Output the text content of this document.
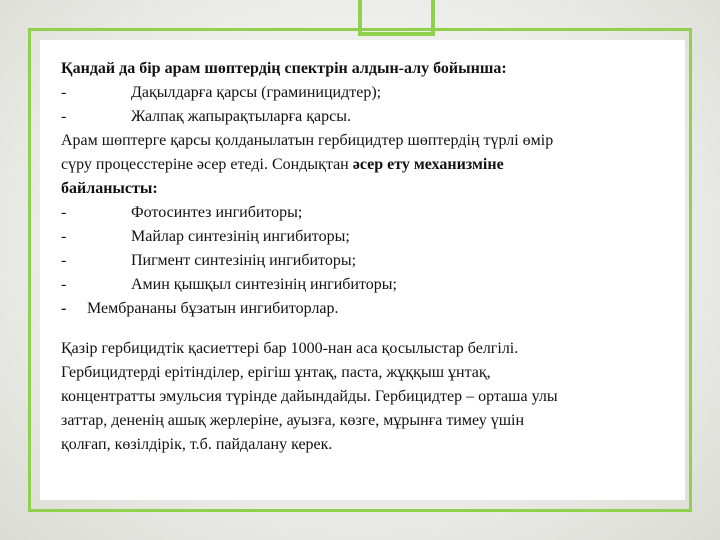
Қандай да бір арам шөптердің спектрін алдын-алу бойынша:
-	Дақылдарға қарсы (граминицидтер);
-	Жалпақ жапырақтыларға қарсы.
Арам шөптерге қарсы қолданылатын гербицидтер шөптердің түрлі өмір
сүру процесстеріне әсер етеді. Сондықтан әсер ету механизміне
байланысты:
-	Фотосинтез ингибиторы;
-	Майлар синтезінің ингибиторы;
-	Пигмент синтезінің ингибиторы;
-	Амин қышқыл синтезінің ингибиторы;
- Мембрананы бұзатын ингибиторлар.
Қазір гербицидтік қасиеттері бар 1000-нан аса қосылыстар белгілі.
Гербицидтерді ерітінділер, ерігіш ұнтақ, паста, жұққыш ұнтақ,
концентратты эмульсия түрінде дайындайды. Гербицидтер – орташа улы
заттар, дененің ашық жерлеріне, ауызға, көзге, мұрынға тимеу үшін
қолғап, көзілдірік, т.б. пайдалану керек.
